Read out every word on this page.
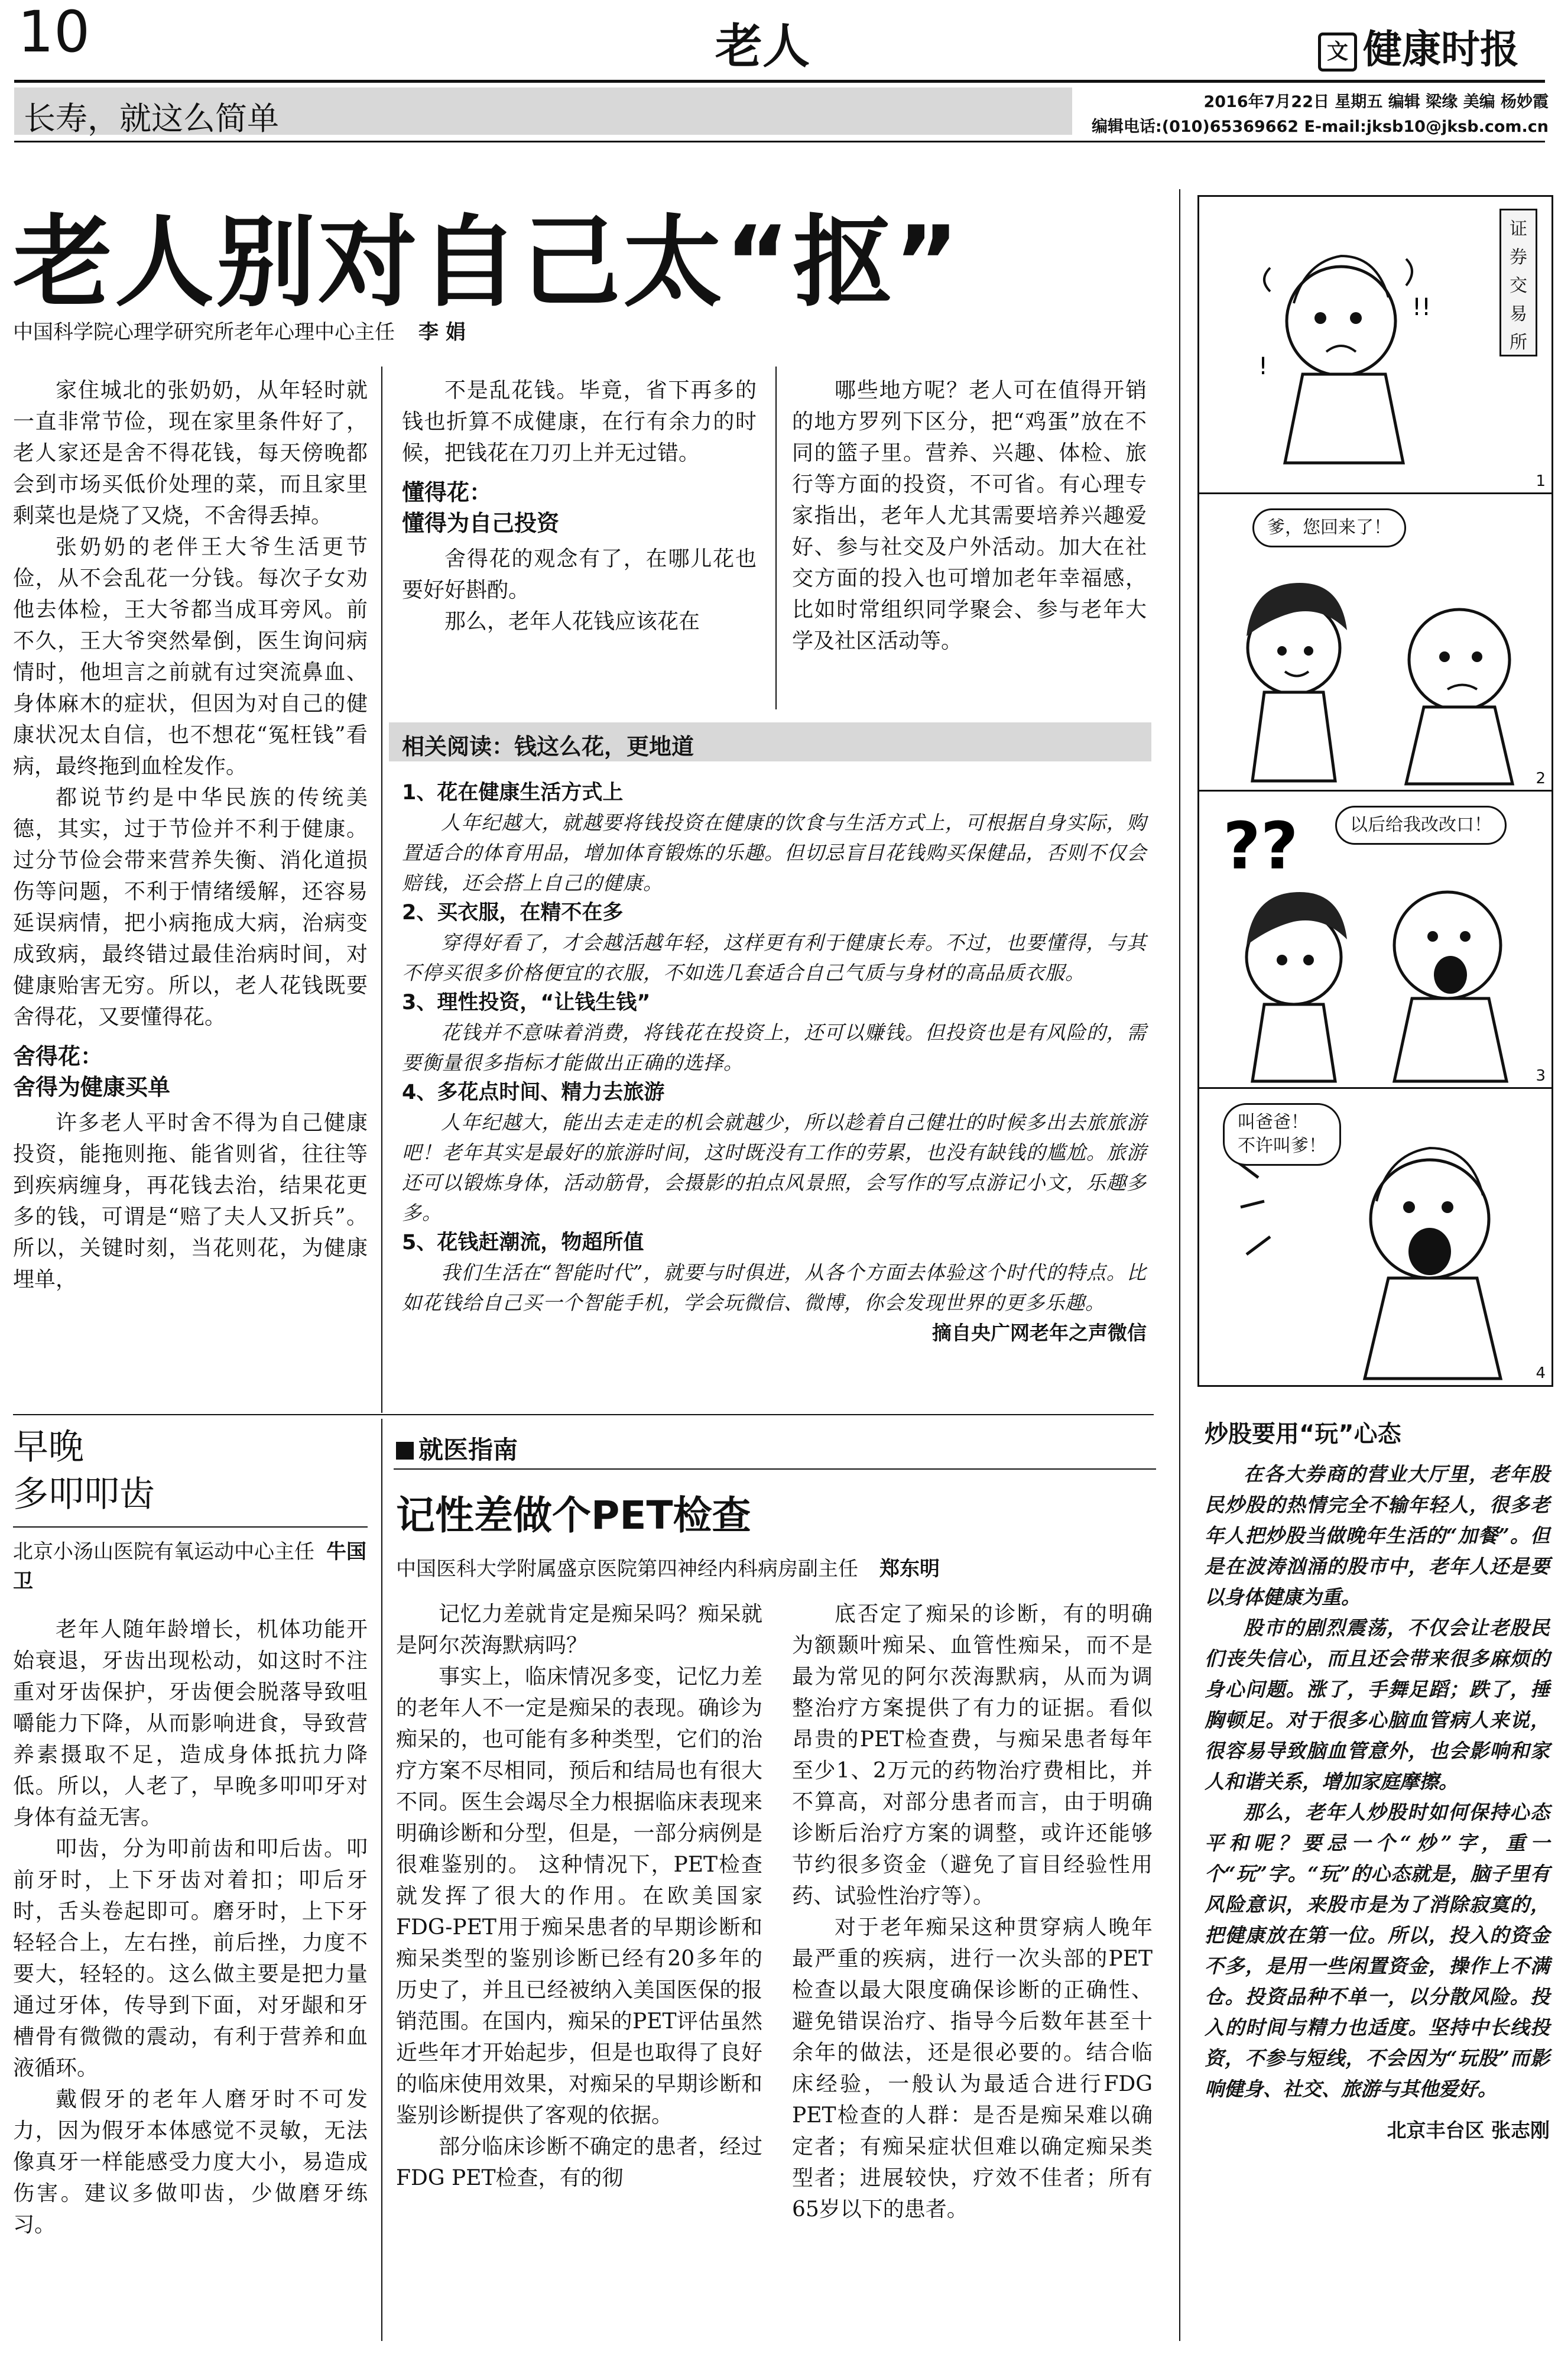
10	老人	文 健康时报
长寿，就这么简单	2016年7月22日 星期五 编辑 梁缘 美编 杨妙霞
编辑电话:(010)65369662 E-mail:jksb10@jksb.com.cn
老人别对自己太“抠”
中国科学院心理学研究所老年心理中心主任 李 娟

家住城北的张奶奶，从年轻时就一直非常节俭，现在家里条件好了，老人家还是舍不得花钱，每天傍晚都会到市场买低价处理的菜，而且家里剩菜也是烧了又烧，不舍得丢掉。

张奶奶的老伴王大爷生活更节俭，从不会乱花一分钱。每次子女劝他去体检，王大爷都当成耳旁风。前不久，王大爷突然晕倒，医生询问病情时，他坦言之前就有过突流鼻血、身体麻木的症状，但因为对自己的健康状况太自信，也不想花“冤枉钱”看病，最终拖到血栓发作。

都说节约是中华民族的传统美德，其实，过于节俭并不利于健康。过分节俭会带来营养失衡、消化道损伤等问题，不利于情绪缓解，还容易延误病情，把小病拖成大病，治病变成致病，最终错过最佳治病时间，对健康贻害无穷。所以，老人花钱既要舍得花，又要懂得花。

舍得花：
舍得为健康买单

许多老人平时舍不得为自己健康投资，能拖则拖、能省则省，往往等到疾病缠身，再花钱去治，结果花更多的钱，可谓是“赔了夫人又折兵”。所以，关键时刻，当花则花，为健康埋单，

不是乱花钱。毕竟，省下再多的钱也折算不成健康，在行有余力的时候，把钱花在刀刃上并无过错。

懂得花：
懂得为自己投资

舍得花的观念有了，在哪儿花也要好好斟酌。

那么，老年人花钱应该花在

哪些地方呢？老人可在值得开销的地方罗列下区分，把“鸡蛋”放在不同的篮子里。营养、兴趣、体检、旅行等方面的投资，不可省。有心理专家指出，老年人尤其需要培养兴趣爱好、参与社交及户外活动。加大在社交方面的投入也可增加老年幸福感，比如时常组织同学聚会、参与老年大学及社区活动等。

相关阅读：钱这么花，更地道
1、花在健康生活方式上

人年纪越大，就越要将钱投资在健康的饮食与生活方式上，可根据自身实际，购置适合的体育用品，增加体育锻炼的乐趣。但切忌盲目花钱购买保健品，否则不仅会赔钱，还会搭上自己的健康。

2、买衣服，在精不在多

穿得好看了，才会越活越年轻，这样更有利于健康长寿。不过，也要懂得，与其不停买很多价格便宜的衣服，不如选几套适合自己气质与身材的高品质衣服。

3、理性投资，“让钱生钱”

花钱并不意味着消费，将钱花在投资上，还可以赚钱。但投资也是有风险的，需要衡量很多指标才能做出正确的选择。

4、多花点时间、精力去旅游

人年纪越大，能出去走走的机会就越少，所以趁着自己健壮的时候多出去旅旅游吧！老年其实是最好的旅游时间，这时既没有工作的劳累，也没有缺钱的尴尬。旅游还可以锻炼身体，活动筋骨，会摄影的拍点风景照，会写作的写点游记小文，乐趣多多。

5、花钱赶潮流，物超所值

我们生活在“智能时代”，就要与时俱进，从各个方面去体验这个时代的特点。比如花钱给自己买一个智能手机，学会玩微信、微博，你会发现世界的更多乐趣。

摘自央广网老年之声微信
早晚
多叩叩齿
北京小汤山医院有氧运动中心主任 牛国卫

老年人随年龄增长，机体功能开始衰退，牙齿出现松动，如这时不注重对牙齿保护，牙齿便会脱落导致咀嚼能力下降，从而影响进食，导致营养素摄取不足，造成身体抵抗力降低。所以，人老了，早晚多叩叩牙对身体有益无害。

叩齿，分为叩前齿和叩后齿。叩前牙时，上下牙齿对着扣；叩后牙时，舌头卷起即可。磨牙时，上下牙轻轻合上，左右挫，前后挫，力度不要大，轻轻的。这么做主要是把力量通过牙体，传导到下面，对牙龈和牙槽骨有微微的震动，有利于营养和血液循环。

戴假牙的老年人磨牙时不可发力，因为假牙本体感觉不灵敏，无法像真牙一样能感受力度大小，易造成伤害。建议多做叩齿，少做磨牙练习。

就医指南
记性差做个PET检查
中国医科大学附属盛京医院第四神经内科病房副主任 郑东明

记忆力差就肯定是痴呆吗？痴呆就是阿尔茨海默病吗？

事实上，临床情况多变，记忆力差的老年人不一定是痴呆的表现。确诊为痴呆的，也可能有多种类型，它们的治疗方案不尽相同，预后和结局也有很大不同。医生会竭尽全力根据临床表现来明确诊断和分型，但是，一部分病例是很难鉴别的。 这种情况下，PET检查就发挥了很大的作用。在欧美国家FDG-PET用于痴呆患者的早期诊断和痴呆类型的鉴别诊断已经有20多年的历史了，并且已经被纳入美国医保的报销范围。在国内，痴呆的PET评估虽然近些年才开始起步，但是也取得了良好的临床使用效果，对痴呆的早期诊断和鉴别诊断提供了客观的依据。

部分临床诊断不确定的患者，经过FDG PET检查，有的彻

底否定了痴呆的诊断，有的明确为额颞叶痴呆、血管性痴呆，而不是最为常见的阿尔茨海默病，从而为调整治疗方案提供了有力的证据。看似昂贵的PET检查费，与痴呆患者每年至少1、2万元的药物治疗费相比，并不算高，对部分患者而言，由于明确诊断后治疗方案的调整，或许还能够节约很多资金（避免了盲目经验性用药、试验性治疗等）。

对于老年痴呆这种贯穿病人晚年最严重的疾病，进行一次头部的PET检查以最大限度确保诊断的正确性、避免错误治疗、指导今后数年甚至十余年的做法，还是很必要的。结合临床经验，一般认为最适合进行FDG PET检查的人群：是否是痴呆难以确定者；有痴呆症状但难以确定痴呆类型者；进展较快，疗效不佳者；所有65岁以下的患者。

!!
!
证券交易所
1
爹，您回来了！
2
??	以后给我改改口！
3
叫爸爸！
不许叫爹！
4
炒股要用“玩”心态

在各大券商的营业大厅里，老年股民炒股的热情完全不输年轻人，很多老年人把炒股当做晚年生活的“加餐”。但是在波涛汹涌的股市中，老年人还是要以身体健康为重。

股市的剧烈震荡，不仅会让老股民们丧失信心，而且还会带来很多麻烦的身心问题。涨了，手舞足蹈；跌了，捶胸顿足。对于很多心脑血管病人来说，很容易导致脑血管意外，也会影响和家人和谐关系，增加家庭摩擦。

那么，老年人炒股时如何保持心态平和呢？要忌一个“炒”字，重一个“玩”字。“玩”的心态就是，脑子里有风险意识，来股市是为了消除寂寞的，把健康放在第一位。所以，投入的资金不多，是用一些闲置资金，操作上不满仓。投资品种不单一，以分散风险。投入的时间与精力也适度。坚持中长线投资，不参与短线，不会因为“玩股”而影响健身、社交、旅游与其他爱好。

北京丰台区 张志刚
